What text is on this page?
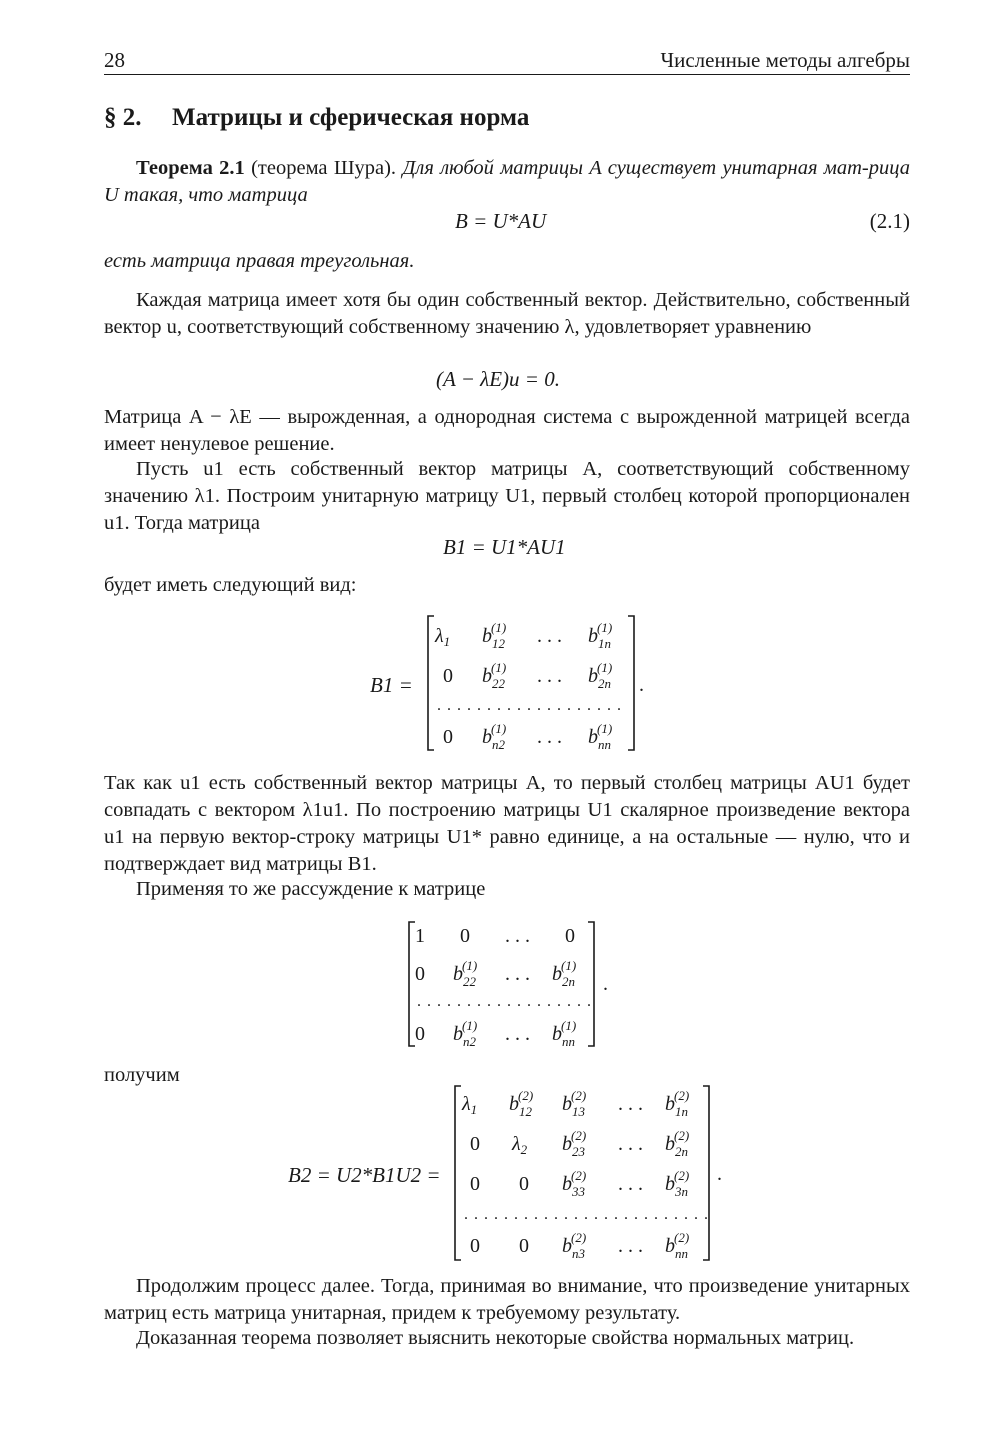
28	Численные методы алгебры
§ 2. Матрицы и сферическая норма
Теорема 2.1 (теорема Шура). Для любой матрицы A существует унитарная мат-рица U такая, что матрица
B = U*AU	(2.1)
есть матрица правая треугольная.
Каждая матрица имеет хотя бы один собственный вектор. Действительно, собственный вектор u, соответствующий собственному значению λ, удовлетворяет уравнению
(A − λE)u = 0.
Матрица A − λE — вырожденная, а однородная система с вырожденной матрицей всегда имеет ненулевое решение.
Пусть u1 есть собственный вектор матрицы A, соответствующий собственному значению λ1. Построим унитарную матрицу U1, первый столбец которой пропорционален u1. Тогда матрица
B1 = U1*AU1
будет иметь следующий вид:
B1 =
$\lambda_1$ $b_{12}(1)$ . . . $b_{1n}(1)$
0 $b_{22}(1)$ . . . $b_{2n}(1)$
. . . . . . . . . . . . . . . . . . .
0 $b_{n2}(1)$ . . . $b_{nn}(1)$
.
Так как u1 есть собственный вектор матрицы A, то первый столбец матрицы AU1 будет совпадать с вектором λ1u1. По построению матрицы U1 скалярное произведение вектора u1 на первую вектор-строку матрицы U1* равно единице, а на остальные — нулю, что и подтверждает вид матрицы B1.
Применяя то же рассуждение к матрице
1 0 . . . 0
0 $b_{22}(1)$ . . . $b_{2n}(1)$
. . . . . . . . . . . . . . . . . .
0 $b_{n2}(1)$ . . . $b_{nn}(1)$
.
получим
B2 = U2*B1U2 =
$\lambda_1$ $b_{12}(2)$ $b_{13}(2)$ . . . $b_{1n}(2)$
0 $\lambda_2$ $b_{23}(2)$ . . . $b_{2n}(2)$
0 0 $b_{33}(2)$ . . . $b_{3n}(2)$
. . . . . . . . . . . . . . . . . . . . . . . . .
0 0 $b_{n3}(2)$ . . . $b_{nn}(2)$
.
Продолжим процесс далее. Тогда, принимая во внимание, что произведение унитарных матриц есть матрица унитарная, придем к требуемому результату.
Доказанная теорема позволяет выяснить некоторые свойства нормальных матриц.
